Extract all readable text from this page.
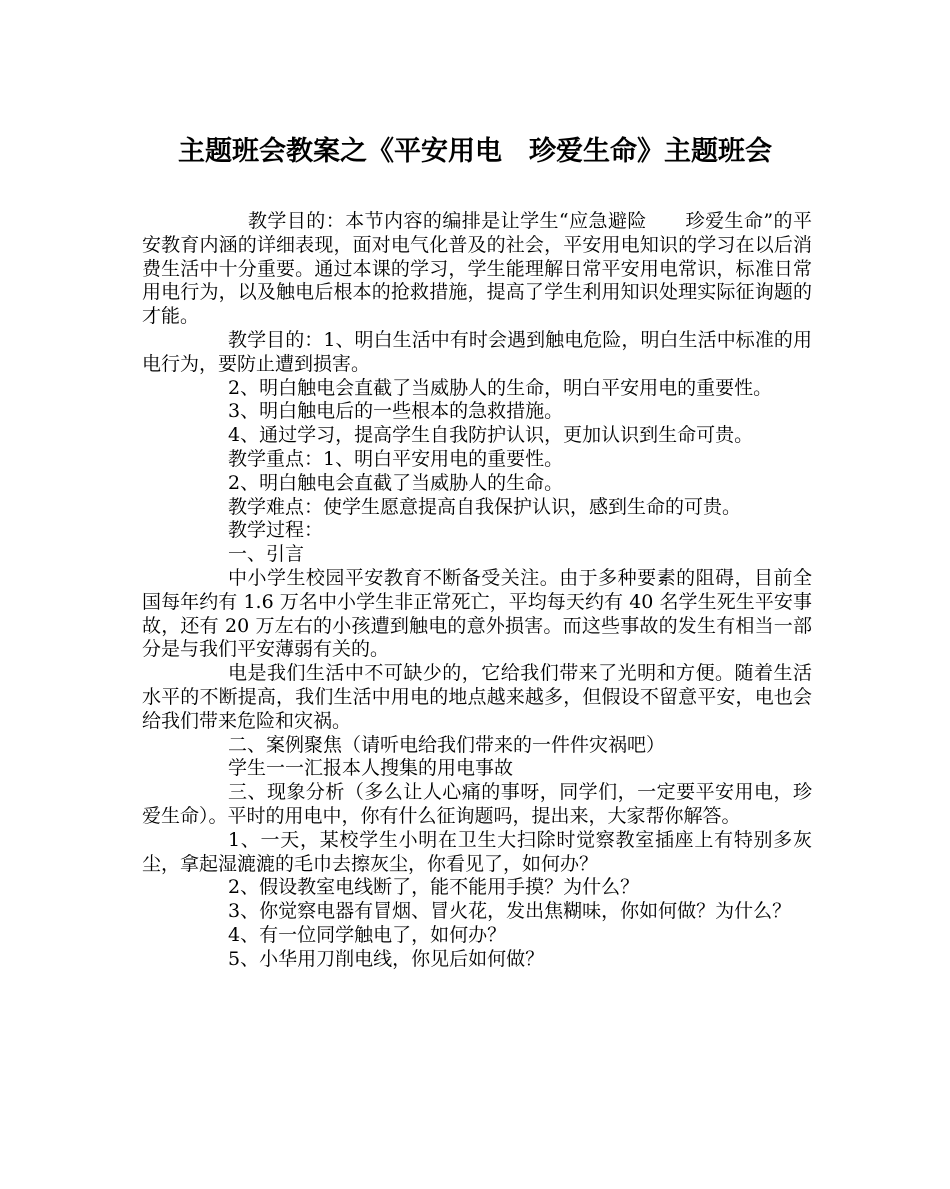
主题班会教案之《平安用电　珍爱生命》主题班会

教学目的：本节内容的编排是让学生“应急避险　　珍爱生命”的平安教育内涵的详细表现，面对电气化普及的社会，平安用电知识的学习在以后消费生活中十分重要。通过本课的学习，学生能理解日常平安用电常识，标准日常用电行为，以及触电后根本的抢救措施，提高了学生利用知识处理实际征询题的才能。

教学目的：1、明白生活中有时会遇到触电危险，明白生活中标准的用电行为，要防止遭到损害。

2、明白触电会直截了当威胁人的生命，明白平安用电的重要性。

3、明白触电后的一些根本的急救措施。

4、通过学习，提高学生自我防护认识，更加认识到生命可贵。

教学重点：1、明白平安用电的重要性。

2、明白触电会直截了当威胁人的生命。

教学难点：使学生愿意提高自我保护认识，感到生命的可贵。

教学过程：

一、引言

中小学生校园平安教育不断备受关注。由于多种要素的阻碍，目前全国每年约有 1.6 万名中小学生非正常死亡，平均每天约有 40 名学生死生平安事故，还有 20 万左右的小孩遭到触电的意外损害。而这些事故的发生有相当一部分是与我们平安薄弱有关的。

电是我们生活中不可缺少的，它给我们带来了光明和方便。随着生活水平的不断提高，我们生活中用电的地点越来越多，但假设不留意平安，电也会给我们带来危险和灾祸。

二、案例聚焦（请听电给我们带来的一件件灾祸吧）

学生一一汇报本人搜集的用电事故

三、现象分析（多么让人心痛的事呀，同学们，一定要平安用电，珍爱生命）。平时的用电中，你有什么征询题吗，提出来，大家帮你解答。

1、一天，某校学生小明在卫生大扫除时觉察教室插座上有特别多灰尘，拿起湿漉漉的毛巾去擦灰尘，你看见了，如何办？

2、假设教室电线断了，能不能用手摸？为什么？

3、你觉察电器有冒烟、冒火花，发出焦糊味，你如何做？为什么？

4、有一位同学触电了，如何办？

5、小华用刀削电线，你见后如何做？
